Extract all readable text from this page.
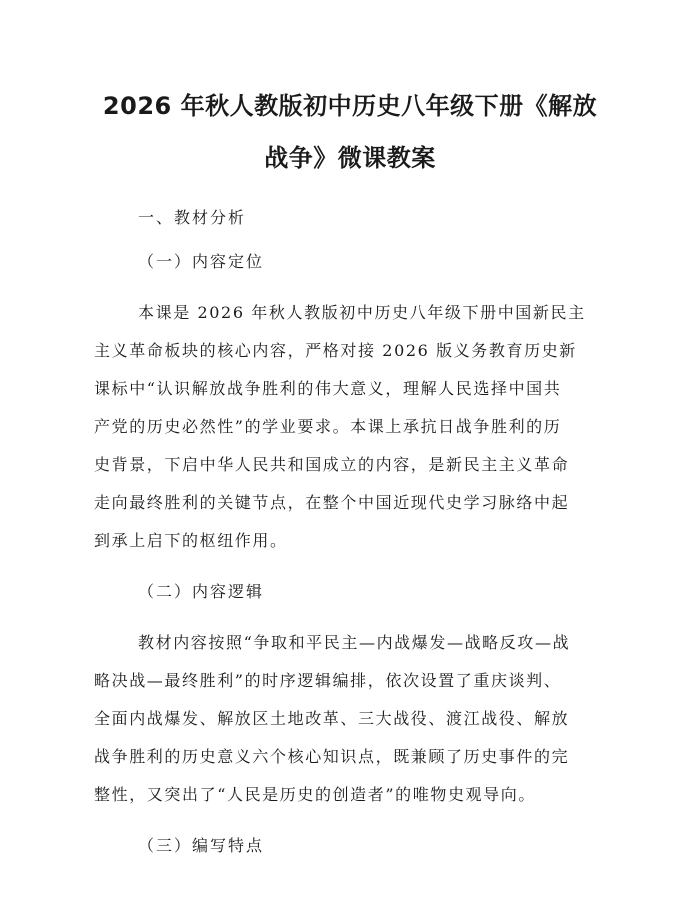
2026 年秋人教版初中历史八年级下册《解放
战争》微课教案
一、教材分析
（一）内容定位
本课是 2026 年秋人教版初中历史八年级下册中国新民主
主义革命板块的核心内容，严格对接 2026 版义务教育历史新
课标中“认识解放战争胜利的伟大意义，理解人民选择中国共
产党的历史必然性”的学业要求。本课上承抗日战争胜利的历
史背景，下启中华人民共和国成立的内容，是新民主主义革命
走向最终胜利的关键节点，在整个中国近现代史学习脉络中起
到承上启下的枢纽作用。
（二）内容逻辑
教材内容按照“争取和平民主—内战爆发—战略反攻—战
略决战—最终胜利”的时序逻辑编排，依次设置了重庆谈判、
全面内战爆发、解放区土地改革、三大战役、渡江战役、解放
战争胜利的历史意义六个核心知识点，既兼顾了历史事件的完
整性，又突出了“人民是历史的创造者”的唯物史观导向。
（三）编写特点
